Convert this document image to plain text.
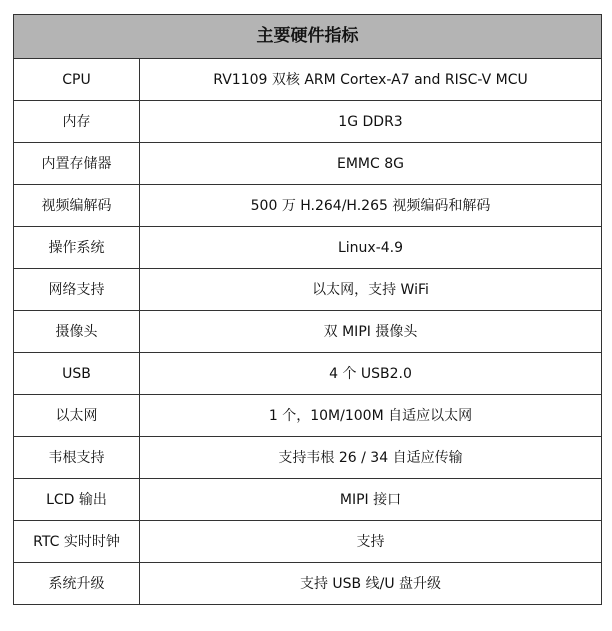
主要硬件指标	
CPU	RV1109 双核 ARM Cortex-A7 and RISC-V MCU
内存	1G DDR3
内置存储器	EMMC 8G
视频编解码	500 万 H.264/H.265 视频编码和解码
操作系统	Linux-4.9
网络支持	以太网，支持 WiFi
摄像头	双 MIPI 摄像头
USB	4 个 USB2.0
以太网	1 个，10M/100M 自适应以太网
韦根支持	支持韦根 26 / 34 自适应传输
LCD 输出	MIPI 接口
RTC 实时时钟	支持
系统升级	支持 USB 线/U 盘升级
